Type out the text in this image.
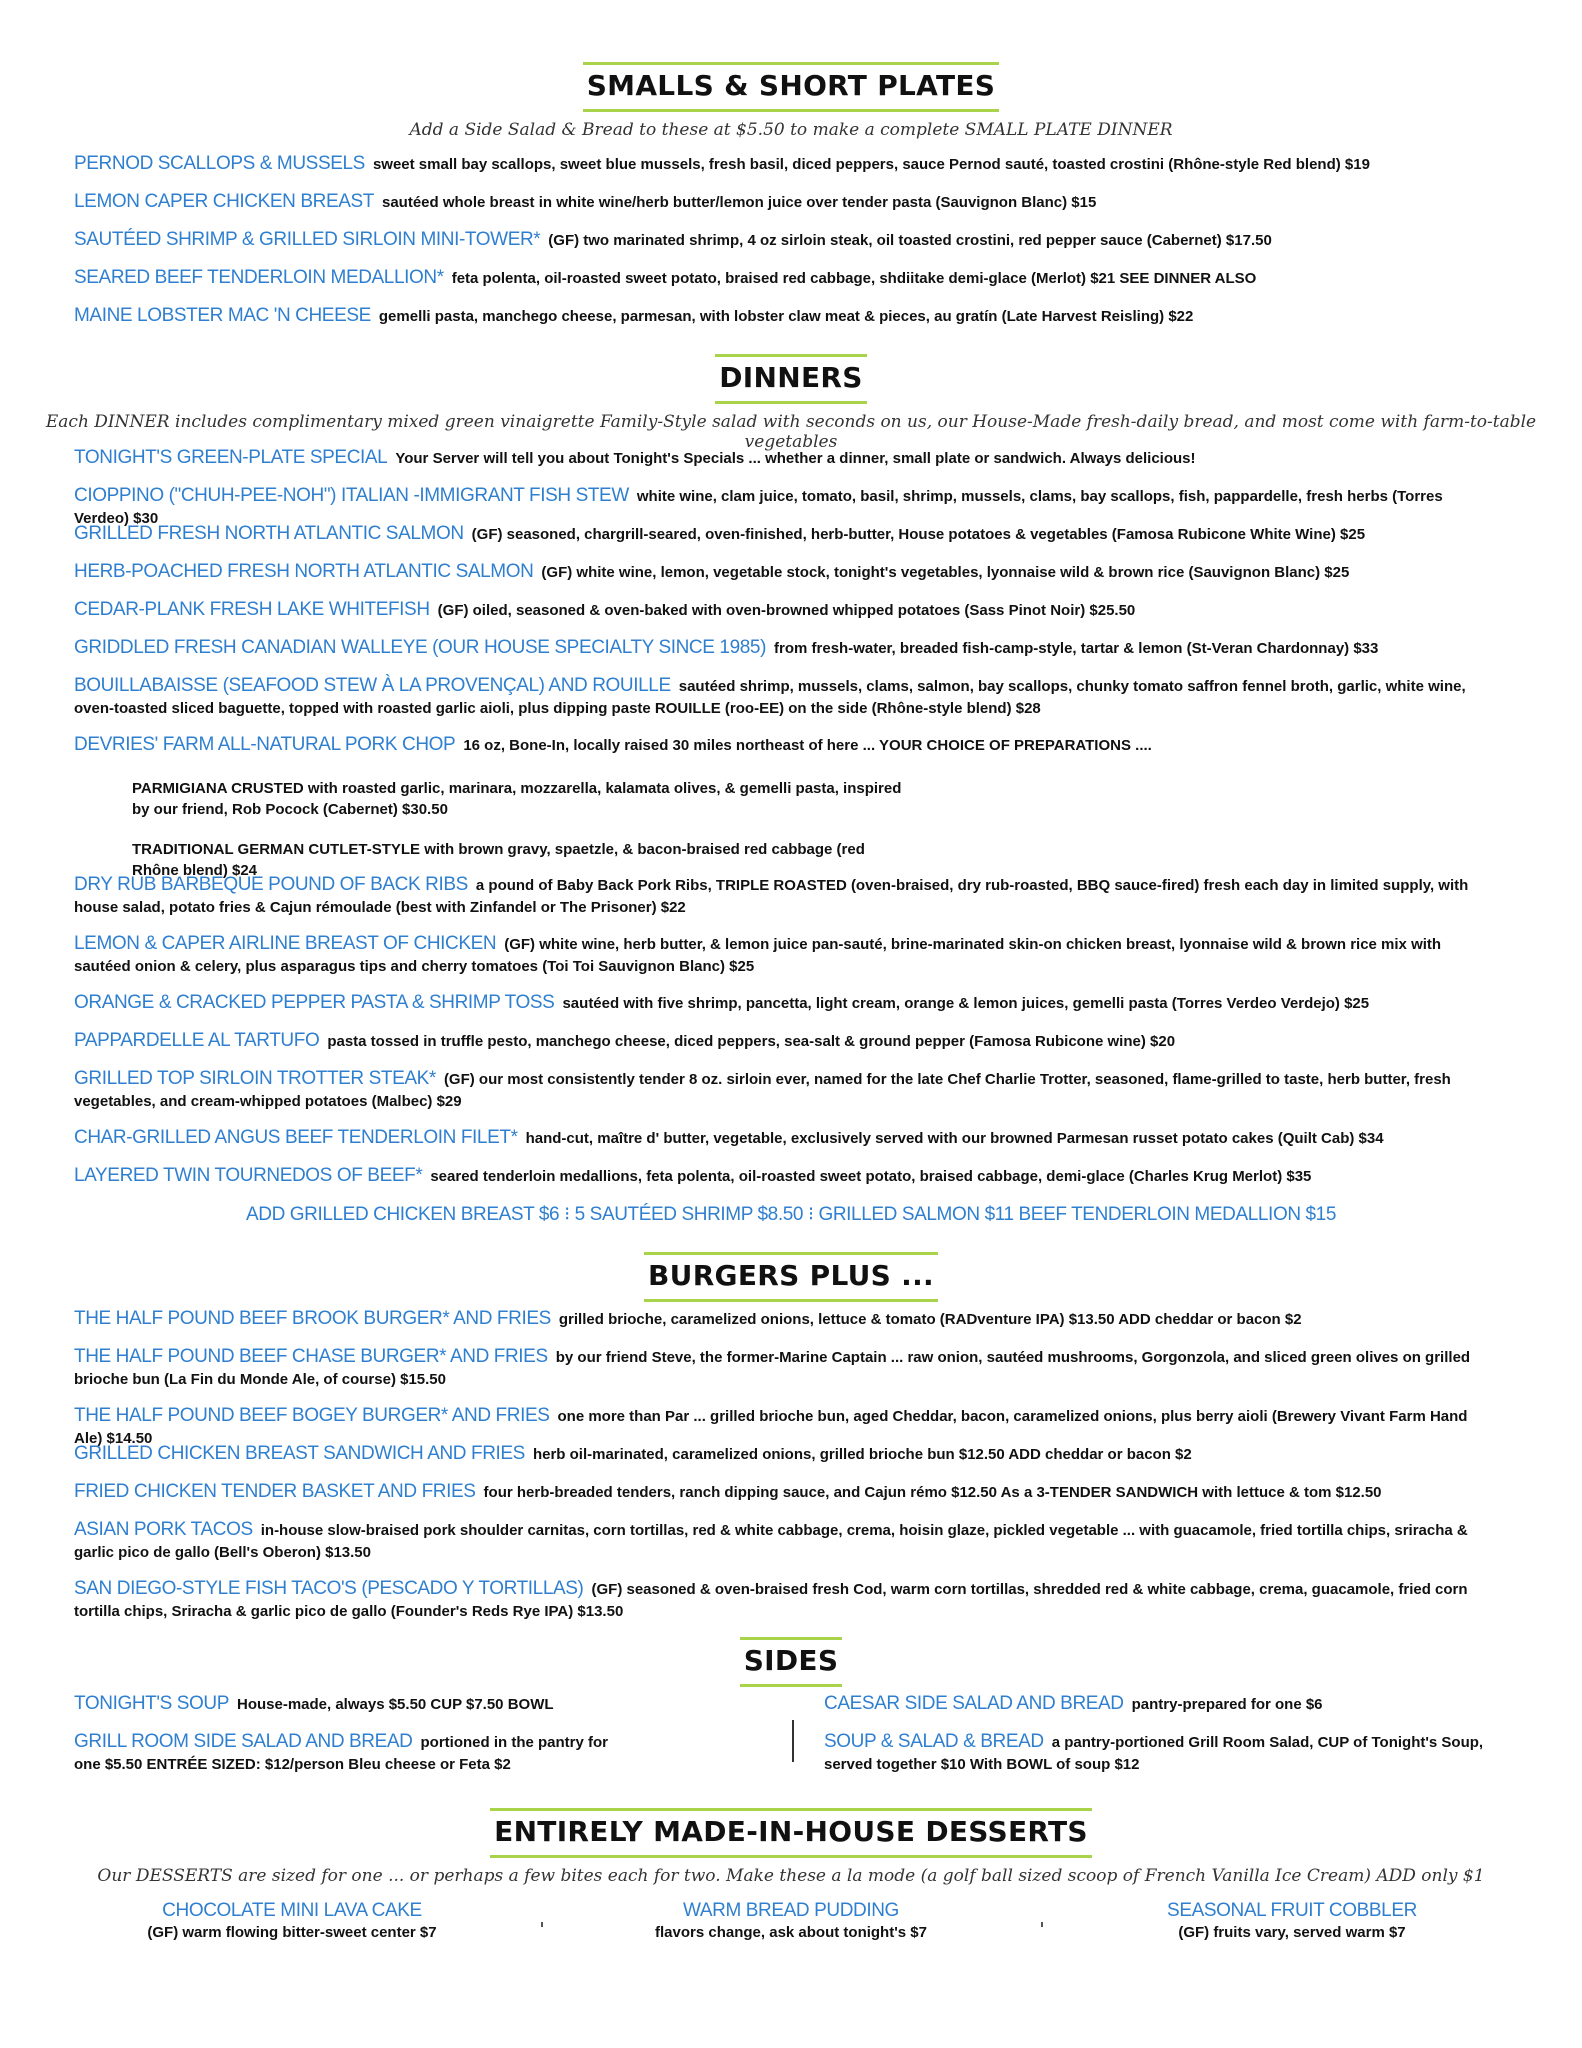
SMALLS & SHORT PLATES
Add a Side Salad & Bread to these at $5.50 to make a complete SMALL PLATE DINNER
PERNOD SCALLOPS & MUSSELS sweet small bay scallops, sweet blue mussels, fresh basil, diced peppers, sauce Pernod sauté, toasted crostini (Rhône-style Red blend) $19
LEMON CAPER CHICKEN BREAST sautéed whole breast in white wine/herb butter/lemon juice over tender pasta (Sauvignon Blanc) $15
SAUTÉED SHRIMP & GRILLED SIRLOIN MINI-TOWER* (GF) two marinated shrimp, 4 oz sirloin steak, oil toasted crostini, red pepper sauce (Cabernet) $17.50
SEARED BEEF TENDERLOIN MEDALLION* feta polenta, oil-roasted sweet potato, braised red cabbage, shdiitake demi-glace (Merlot) $21 SEE DINNER ALSO
MAINE LOBSTER MAC 'N CHEESE gemelli pasta, manchego cheese, parmesan, with lobster claw meat & pieces, au gratín (Late Harvest Reisling) $22
DINNERS
Each DINNER includes complimentary mixed green vinaigrette Family-Style salad with seconds on us, our House-Made fresh-daily bread, and most come with farm-to-table vegetables
TONIGHT'S GREEN-PLATE SPECIAL Your Server will tell you about Tonight's Specials ... whether a dinner, small plate or sandwich. Always delicious!
CIOPPINO ("CHUH-PEE-NOH") ITALIAN -IMMIGRANT FISH STEW white wine, clam juice, tomato, basil, shrimp, mussels, clams, bay scallops, fish, pappardelle, fresh herbs (Torres Verdeo) $30
GRILLED FRESH NORTH ATLANTIC SALMON (GF) seasoned, chargrill-seared, oven-finished, herb-butter, House potatoes & vegetables (Famosa Rubicone White Wine) $25
HERB-POACHED FRESH NORTH ATLANTIC SALMON (GF) white wine, lemon, vegetable stock, tonight's vegetables, lyonnaise wild & brown rice (Sauvignon Blanc) $25
CEDAR-PLANK FRESH LAKE WHITEFISH (GF) oiled, seasoned & oven-baked with oven-browned whipped potatoes (Sass Pinot Noir) $25.50
GRIDDLED FRESH CANADIAN WALLEYE (OUR HOUSE SPECIALTY SINCE 1985) from fresh-water, breaded fish-camp-style, tartar & lemon (St-Veran Chardonnay) $33
BOUILLABAISSE (SEAFOOD STEW À LA PROVENÇAL) AND ROUILLE sautéed shrimp, mussels, clams, salmon, bay scallops, chunky tomato saffron fennel broth, garlic, white wine, oven-toasted sliced baguette, topped with roasted garlic aioli, plus dipping paste ROUILLE (roo-EE) on the side (Rhône-style blend) $28
DEVRIES' FARM ALL-NATURAL PORK CHOP 16 oz, Bone-In, locally raised 30 miles northeast of here ... YOUR CHOICE OF PREPARATIONS ....
PARMIGIANA CRUSTED with roasted garlic, marinara, mozzarella, kalamata olives, & gemelli pasta, inspired by our friend, Rob Pocock (Cabernet) $30.50
TRADITIONAL GERMAN CUTLET-STYLE with brown gravy, spaetzle, & bacon-braised red cabbage (red Rhône blend) $24
DRY RUB BARBEQUE POUND OF BACK RIBS a pound of Baby Back Pork Ribs, TRIPLE ROASTED (oven-braised, dry rub-roasted, BBQ sauce-fired) fresh each day in limited supply, with house salad, potato fries & Cajun rémoulade (best with Zinfandel or The Prisoner) $22
LEMON & CAPER AIRLINE BREAST OF CHICKEN (GF) white wine, herb butter, & lemon juice pan-sauté, brine-marinated skin-on chicken breast, lyonnaise wild & brown rice mix with sautéed onion & celery, plus asparagus tips and cherry tomatoes (Toi Toi Sauvignon Blanc) $25
ORANGE & CRACKED PEPPER PASTA & SHRIMP TOSS sautéed with five shrimp, pancetta, light cream, orange & lemon juices, gemelli pasta (Torres Verdeo Verdejo) $25
PAPPARDELLE AL TARTUFO pasta tossed in truffle pesto, manchego cheese, diced peppers, sea-salt & ground pepper (Famosa Rubicone wine) $20
GRILLED TOP SIRLOIN TROTTER STEAK* (GF) our most consistently tender 8 oz. sirloin ever, named for the late Chef Charlie Trotter, seasoned, flame-grilled to taste, herb butter, fresh vegetables, and cream-whipped potatoes (Malbec) $29
CHAR-GRILLED ANGUS BEEF TENDERLOIN FILET* hand-cut, maître d' butter, vegetable, exclusively served with our browned Parmesan russet potato cakes (Quilt Cab) $34
LAYERED TWIN TOURNEDOS OF BEEF* seared tenderloin medallions, feta polenta, oil-roasted sweet potato, braised cabbage, demi-glace (Charles Krug Merlot) $35
ADD GRILLED CHICKEN BREAST $6 ⁝ 5 SAUTÉED SHRIMP $8.50 ⁝ GRILLED SALMON $11 BEEF TENDERLOIN MEDALLION $15
BURGERS PLUS ...
THE HALF POUND BEEF BROOK BURGER* AND FRIES grilled brioche, caramelized onions, lettuce & tomato (RADventure IPA) $13.50 ADD cheddar or bacon $2
THE HALF POUND BEEF CHASE BURGER* AND FRIES by our friend Steve, the former-Marine Captain ... raw onion, sautéed mushrooms, Gorgonzola, and sliced green olives on grilled brioche bun (La Fin du Monde Ale, of course) $15.50
THE HALF POUND BEEF BOGEY BURGER* AND FRIES one more than Par ... grilled brioche bun, aged Cheddar, bacon, caramelized onions, plus berry aioli (Brewery Vivant Farm Hand Ale) $14.50
GRILLED CHICKEN BREAST SANDWICH AND FRIES herb oil-marinated, caramelized onions, grilled brioche bun $12.50 ADD cheddar or bacon $2
FRIED CHICKEN TENDER BASKET AND FRIES four herb-breaded tenders, ranch dipping sauce, and Cajun rémo $12.50 As a 3-TENDER SANDWICH with lettuce & tom $12.50
ASIAN PORK TACOS in-house slow-braised pork shoulder carnitas, corn tortillas, red & white cabbage, crema, hoisin glaze, pickled vegetable ... with guacamole, fried tortilla chips, sriracha & garlic pico de gallo (Bell's Oberon) $13.50
SAN DIEGO-STYLE FISH TACO'S (PESCADO Y TORTILLAS) (GF) seasoned & oven-braised fresh Cod, warm corn tortillas, shredded red & white cabbage, crema, guacamole, fried corn tortilla chips, Sriracha & garlic pico de gallo (Founder's Reds Rye IPA) $13.50
SIDES
TONIGHT'S SOUP House-made, always $5.50 CUP $7.50 BOWL
GRILL ROOM SIDE SALAD AND BREAD portioned in the pantry for one $5.50 ENTRÉE SIZED: $12/person Bleu cheese or Feta $2
CAESAR SIDE SALAD AND BREAD pantry-prepared for one $6
SOUP & SALAD & BREAD a pantry-portioned Grill Room Salad, CUP of Tonight's Soup, served together $10 With BOWL of soup $12
ENTIRELY MADE-IN-HOUSE DESSERTS
Our DESSERTS are sized for one ... or perhaps a few bites each for two. Make these a la mode (a golf ball sized scoop of French Vanilla Ice Cream) ADD only $1
CHOCOLATE MINI LAVA CAKE
(GF) warm flowing bitter-sweet center $7
WARM BREAD PUDDING
flavors change, ask about tonight's $7
SEASONAL FRUIT COBBLER
(GF) fruits vary, served warm $7
